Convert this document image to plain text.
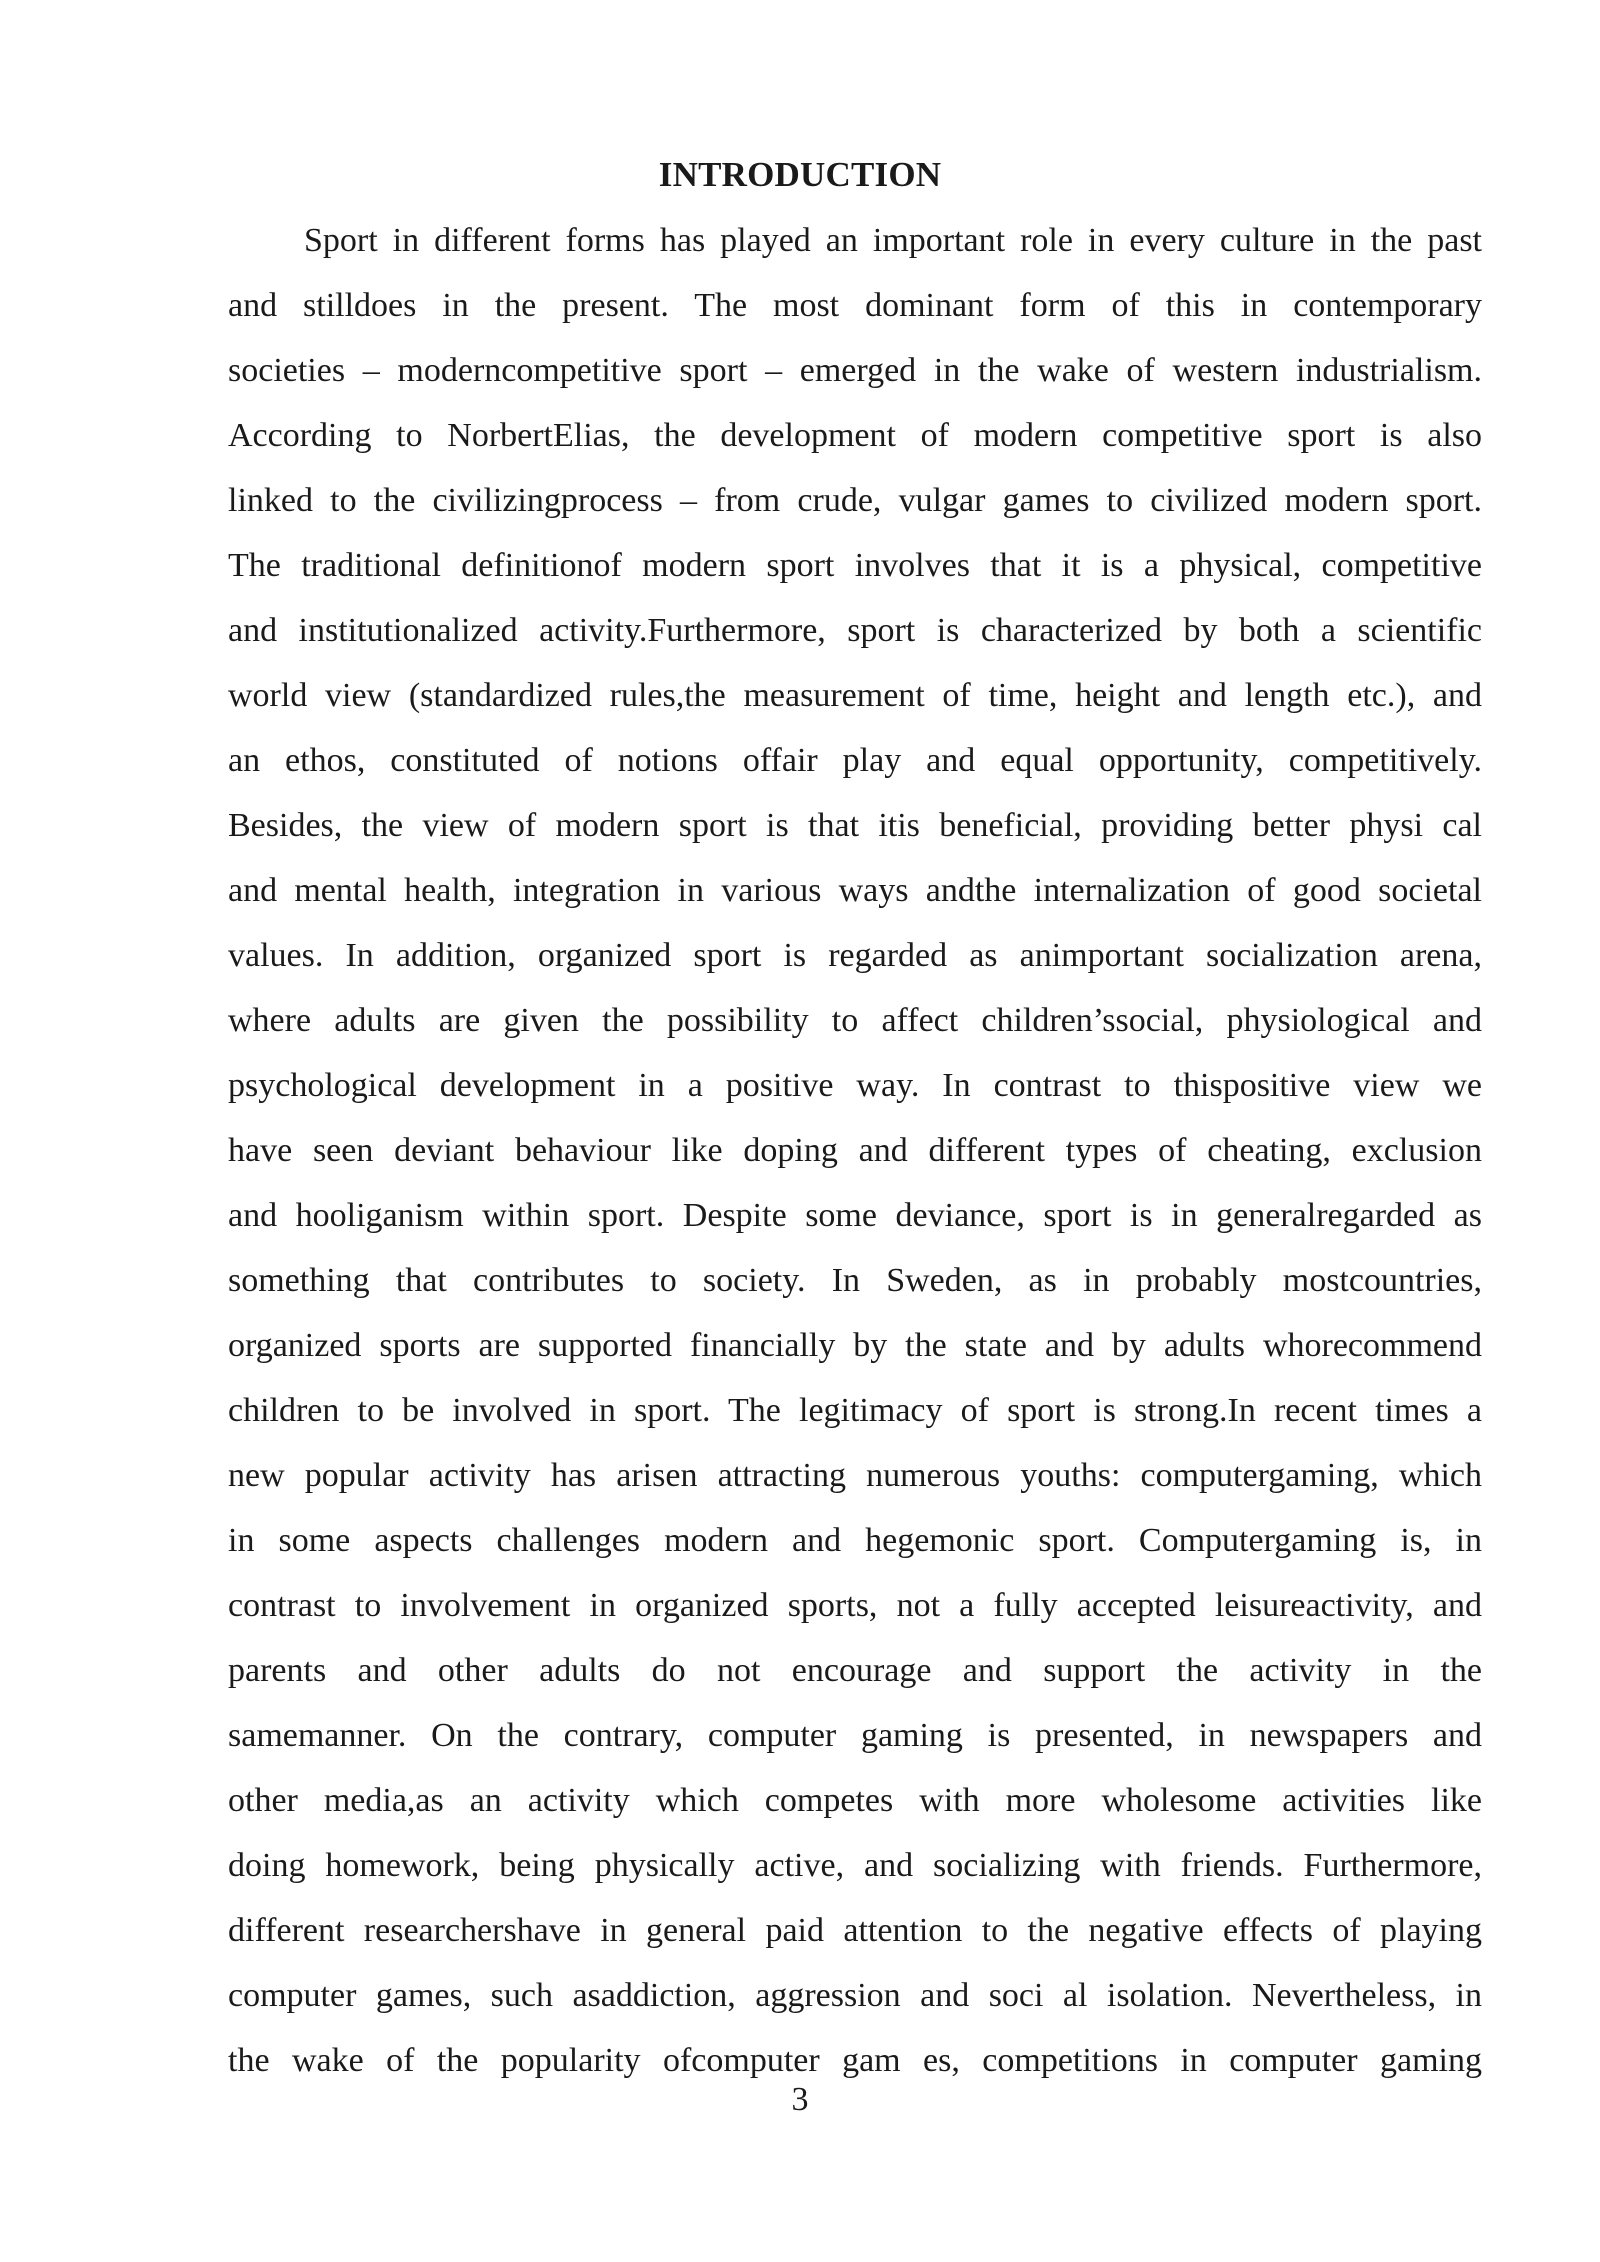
INTRODUCTION
Sport in different forms has played an important role in every culture in the past
and stilldoes in the present. The most dominant form of this in contemporary
societies – moderncompetitive sport – emerged in the wake of western industrialism.
According to NorbertElias, the development of modern competitive sport is also
linked to the civilizingprocess – from crude, vulgar games to civilized modern sport.
The traditional definitionof modern sport involves that it is a physical, competitive
and institutionalized activity.Furthermore, sport is characterized by both a scientific
world view (standardized rules,the measurement of time, height and length etc.), and
an ethos, constituted of notions offair play and equal opportunity, competitively.
Besides, the view of modern sport is that itis beneficial, providing better physi cal
and mental health, integration in various ways andthe internalization of good societal
values. In addition, organized sport is regarded as animportant socialization arena,
where adults are given the possibility to affect children’ssocial, physiological and
psychological development in a positive way. In contrast to thispositive view we
have seen deviant behaviour like doping and different types of cheating, exclusion
and hooliganism within sport. Despite some deviance, sport is in generalregarded as
something that contributes to society. In Sweden, as in probably mostcountries,
organized sports are supported financially by the state and by adults whorecommend
children to be involved in sport. The legitimacy of sport is strong.In recent times a
new popular activity has arisen attracting numerous youths: computergaming, which
in some aspects challenges modern and hegemonic sport. Computergaming is, in
contrast to involvement in organized sports, not a fully accepted leisureactivity, and
parents and other adults do not encourage and support the activity in the
samemanner. On the contrary, computer gaming is presented, in newspapers and
other media,as an activity which competes with more wholesome activities like
doing homework, being physically active, and socializing with friends. Furthermore,
different researchershave in general paid attention to the negative effects of playing
computer games, such asaddiction, aggression and soci al isolation. Nevertheless, in
the wake of the popularity ofcomputer gam es, competitions in computer gaming

3
